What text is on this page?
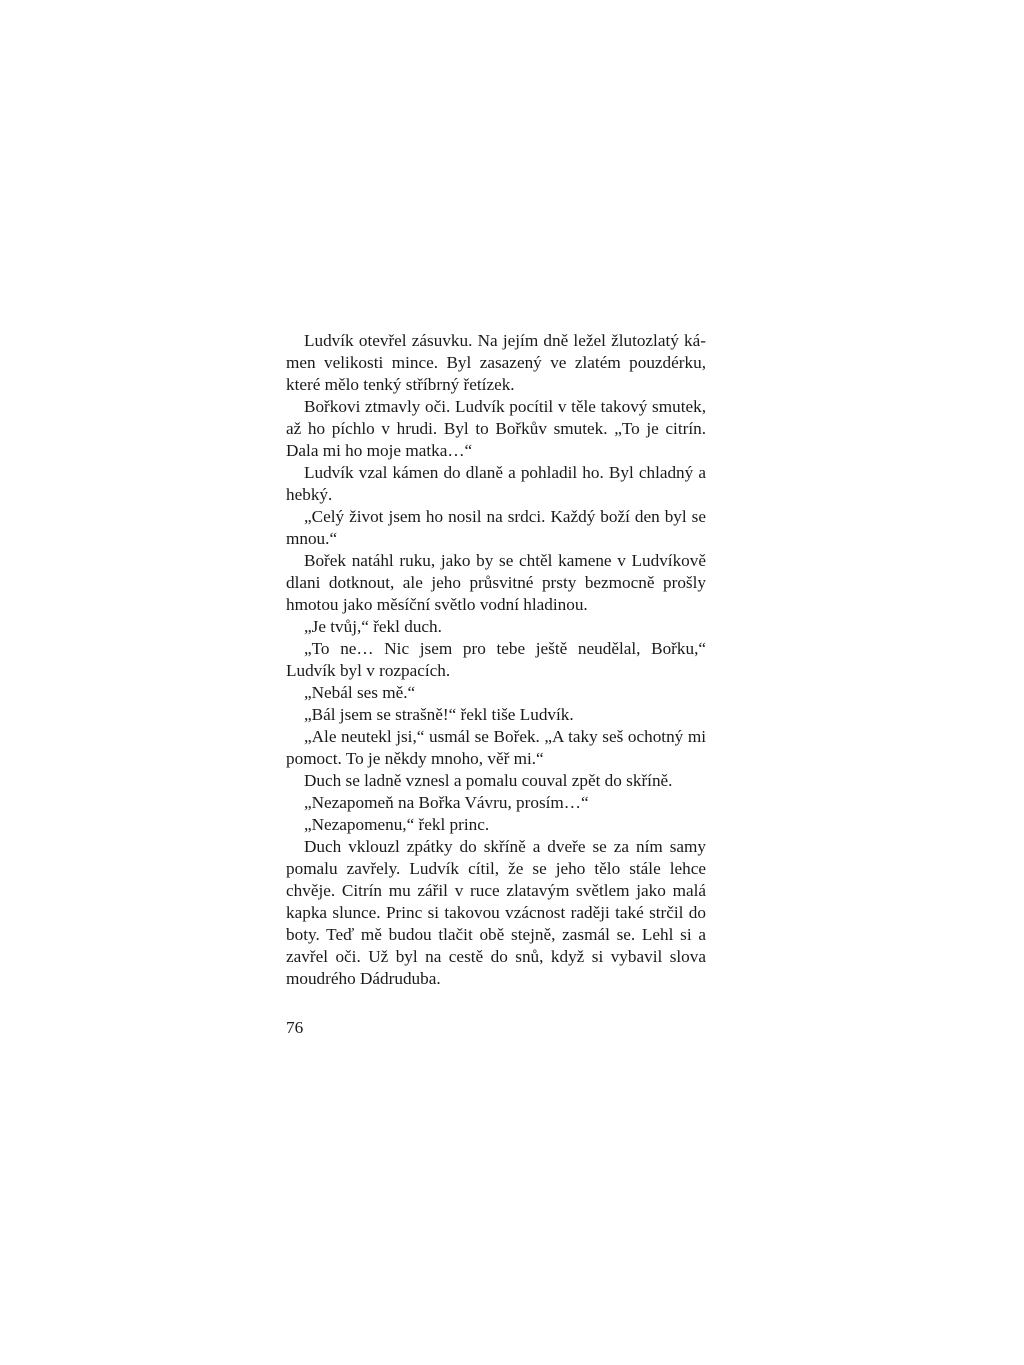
Ludvík otevřel zásuvku. Na jejím dně ležel žlutozlatý kámen velikosti mince. Byl zasazený ve zlatém pouzdérku, které mělo tenký stříbrný řetízek.

Bořkovi ztmavly oči. Ludvík pocítil v těle takový smutek, až ho píchlo v hrudi. Byl to Bořkův smutek. „To je citrín. Dala mi ho moje matka…“

Ludvík vzal kámen do dlaně a pohladil ho. Byl chladný a hebký.

„Celý život jsem ho nosil na srdci. Každý boží den byl se mnou.“

Bořek natáhl ruku, jako by se chtěl kamene v Ludvíkově dlani dotknout, ale jeho průsvitné prsty bezmocně prošly hmotou jako měsíční světlo vodní hladinou.

„Je tvůj,“ řekl duch.

„To ne… Nic jsem pro tebe ještě neudělal, Bořku,“ Ludvík byl v rozpacích.

„Nebál ses mě.“

„Bál jsem se strašně!“ řekl tiše Ludvík.

„Ale neutekl jsi,“ usmál se Bořek. „A taky seš ochotný mi pomoct. To je někdy mnoho, věř mi.“

Duch se ladně vznesl a pomalu couval zpět do skříně.

„Nezapomeň na Bořka Vávru, prosím…“

„Nezapomenu,“ řekl princ.

Duch vklouzl zpátky do skříně a dveře se za ním samy pomalu zavřely. Ludvík cítil, že se jeho tělo stále lehce chvěje. Citrín mu zářil v ruce zlatavým světlem jako malá kapka slunce. Princ si takovou vzácnost raději také strčil do boty. Teď mě budou tlačit obě stejně, zasmál se. Lehl si a zavřel oči. Už byl na cestě do snů, když si vybavil slova moudrého Dádruduba.

76
